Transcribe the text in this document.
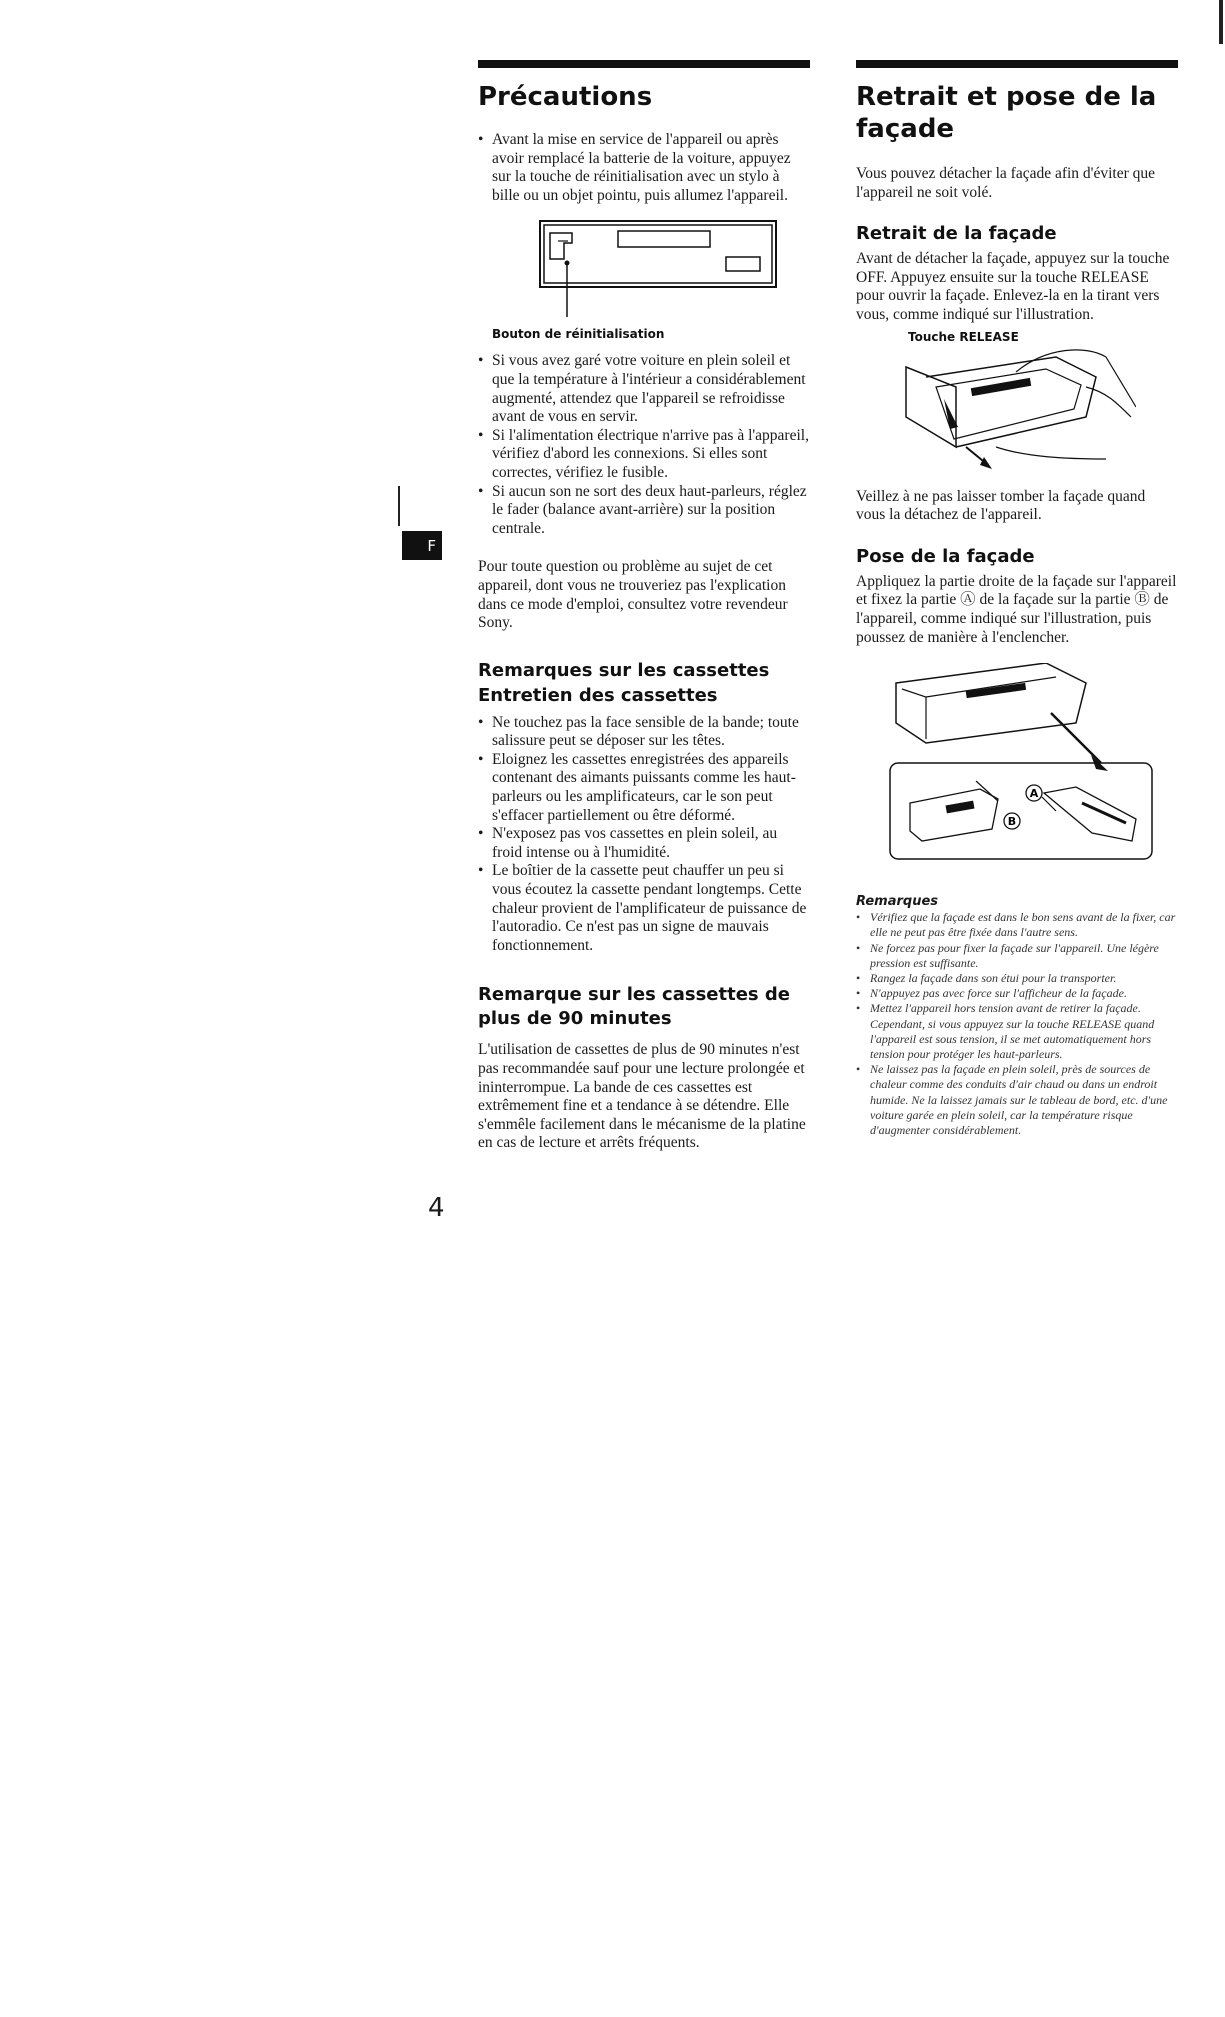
F
Précautions
• Avant la mise en service de l'appareil ou après avoir remplacé la batterie de la voiture, appuyez sur la touche de réinitialisation avec un stylo à bille ou un objet pointu, puis allumez l'appareil.
Bouton de réinitialisation
• Si vous avez garé votre voiture en plein soleil et que la température à l'intérieur a considérablement augmenté, attendez que l'appareil se refroidisse avant de vous en servir.
• Si l'alimentation électrique n'arrive pas à l'appareil, vérifiez d'abord les connexions. Si elles sont correctes, vérifiez le fusible.
• Si aucun son ne sort des deux haut-parleurs, réglez le fader (balance avant-arrière) sur la position centrale.

Pour toute question ou problème au sujet de cet appareil, dont vous ne trouveriez pas l'explication dans ce mode d'emploi, consultez votre revendeur Sony.

Remarques sur les cassettes
Entretien des cassettes
• Ne touchez pas la face sensible de la bande; toute salissure peut se déposer sur les têtes.
• Eloignez les cassettes enregistrées des appareils contenant des aimants puissants comme les haut-parleurs ou les amplificateurs, car le son peut s'effacer partiellement ou être déformé.
• N'exposez pas vos cassettes en plein soleil, au froid intense ou à l'humidité.
• Le boîtier de la cassette peut chauffer un peu si vous écoutez la cassette pendant longtemps. Cette chaleur provient de l'amplificateur de puissance de l'autoradio. Ce n'est pas un signe de mauvais fonctionnement.
Remarque sur les cassettes de plus de 90 minutes

L'utilisation de cassettes de plus de 90 minutes n'est pas recommandée sauf pour une lecture prolongée et ininterrompue. La bande de ces cassettes est extrêmement fine et a tendance à se détendre. Elle s'emmêle facilement dans le mécanisme de la platine en cas de lecture et arrêts fréquents.

Retrait et pose de la façade

Vous pouvez détacher la façade afin d'éviter que l'appareil ne soit volé.

Retrait de la façade

Avant de détacher la façade, appuyez sur la touche OFF. Appuyez ensuite sur la touche RELEASE pour ouvrir la façade. Enlevez-la en la tirant vers vous, comme indiqué sur l'illustration.

Touche RELEASE

Veillez à ne pas laisser tomber la façade quand vous la détachez de l'appareil.

Pose de la façade

Appliquez la partie droite de la façade sur l'appareil et fixez la partie Ⓐ de la façade sur la partie Ⓑ de l'appareil, comme indiqué sur l'illustration, puis poussez de manière à l'enclencher.

B
A
Remarques
• Vérifiez que la façade est dans le bon sens avant de la fixer, car elle ne peut pas être fixée dans l'autre sens.
• Ne forcez pas pour fixer la façade sur l'appareil. Une légère pression est suffisante.
• Rangez la façade dans son étui pour la transporter.
• N'appuyez pas avec force sur l'afficheur de la façade.
• Mettez l'appareil hors tension avant de retirer la façade. Cependant, si vous appuyez sur la touche RELEASE quand l'appareil est sous tension, il se met automatiquement hors tension pour protéger les haut-parleurs.
• Ne laissez pas la façade en plein soleil, près de sources de chaleur comme des conduits d'air chaud ou dans un endroit humide. Ne la laissez jamais sur le tableau de bord, etc. d'une voiture garée en plein soleil, car la température risque d'augmenter considérablement.
4
